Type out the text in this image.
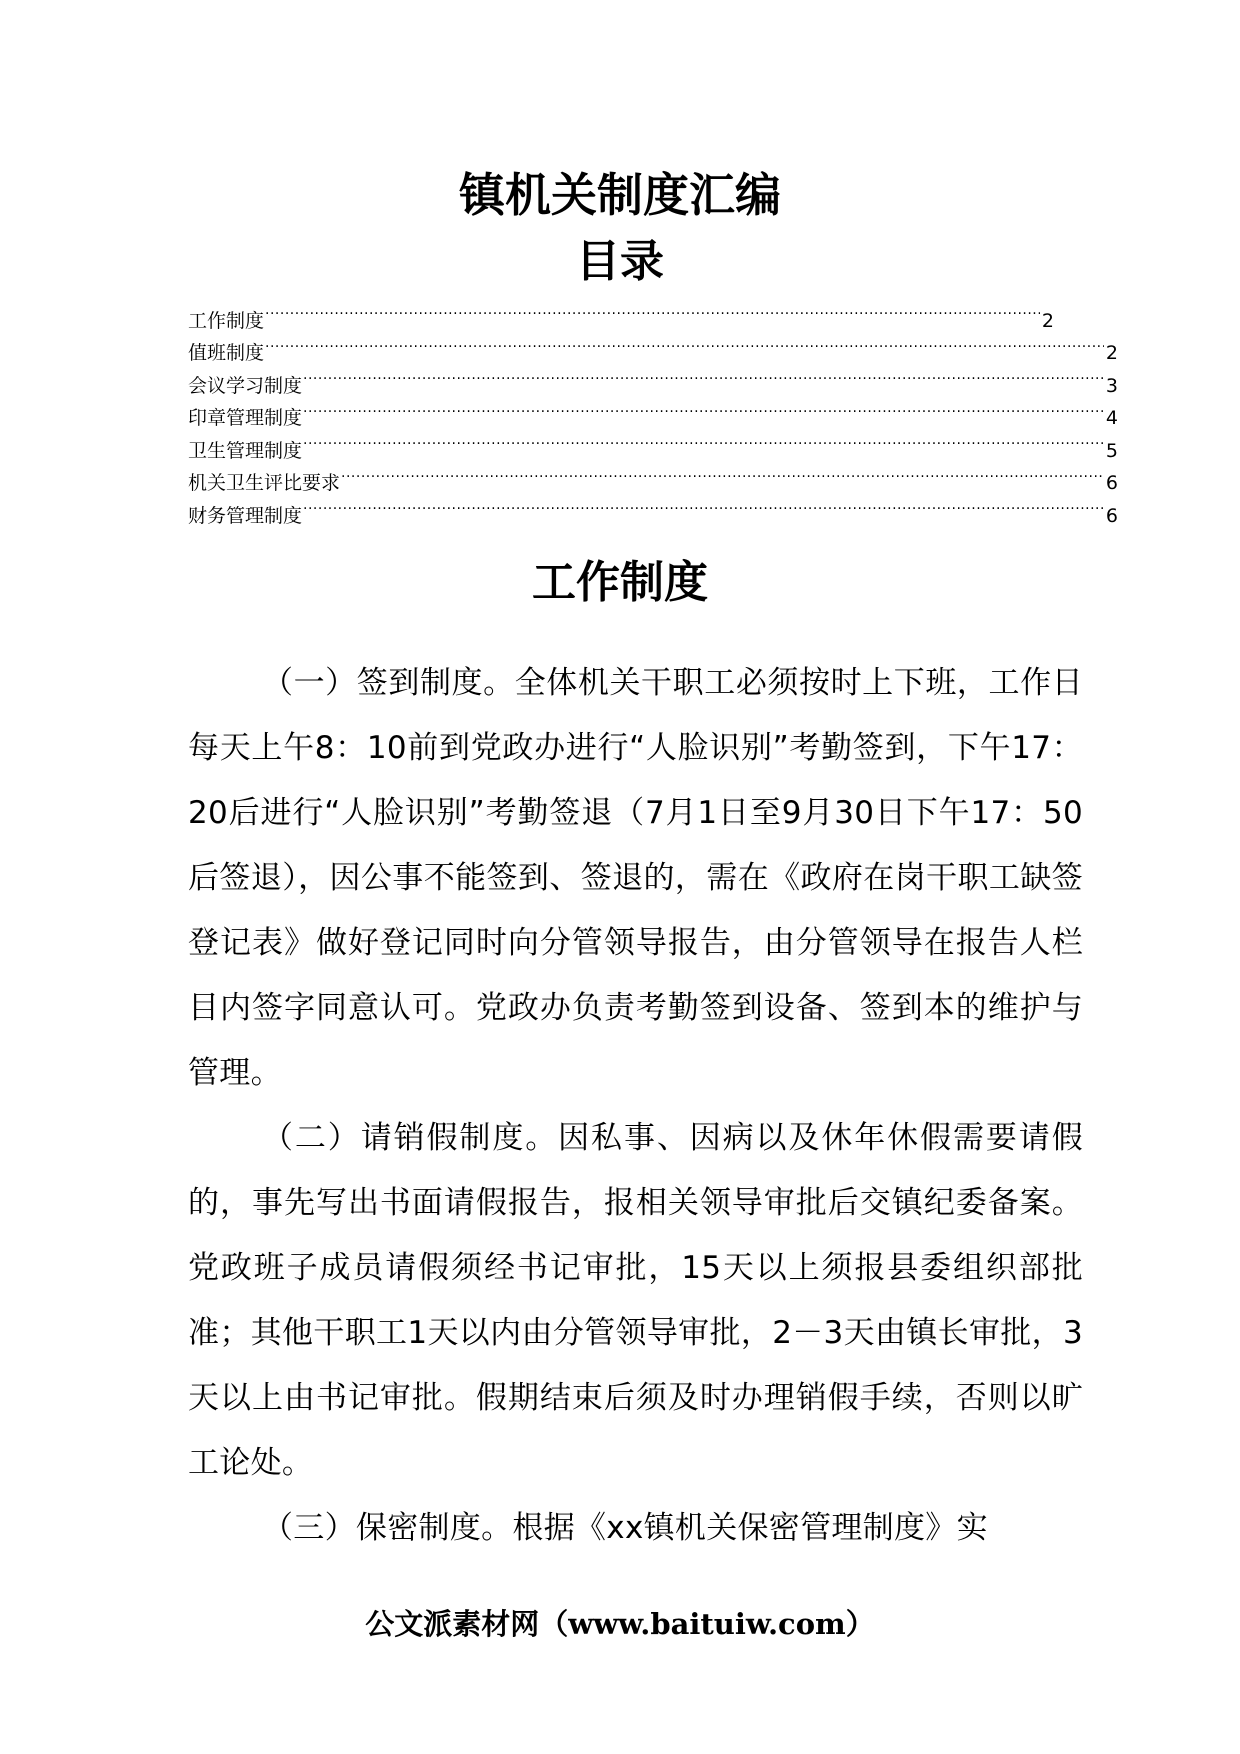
镇机关制度汇编
目录
工作制度 .....	2
值班制度 .....	2
会议学习制度 .....	3
印章管理制度 .....	4
卫生管理制度 .....	5
机关卫生评比要求 .....	6
财务管理制度 .....	6
工作制度

（一）签到制度。全体机关干职工必须按时上下班，工作日每天上午8：10前到党政办进行“人脸识别”考勤签到，下午17：20后进行“人脸识别”考勤签退（7月1日至9月30日下午17：50后签退），因公事不能签到、签退的，需在《政府在岗干职工缺签登记表》做好登记同时向分管领导报告，由分管领导在报告人栏目内签字同意认可。党政办负责考勤签到设备、签到本的维护与管理。

（二）请销假制度。因私事、因病以及休年休假需要请假的，事先写出书面请假报告，报相关领导审批后交镇纪委备案。党政班子成员请假须经书记审批，15天以上须报县委组织部批准；其他干职工1天以内由分管领导审批，2－3天由镇长审批，3天以上由书记审批。假期结束后须及时办理销假手续，否则以旷工论处。

（三）保密制度。根据《xx镇机关保密管理制度》实

公文派素材网（www.baituiw.com）
